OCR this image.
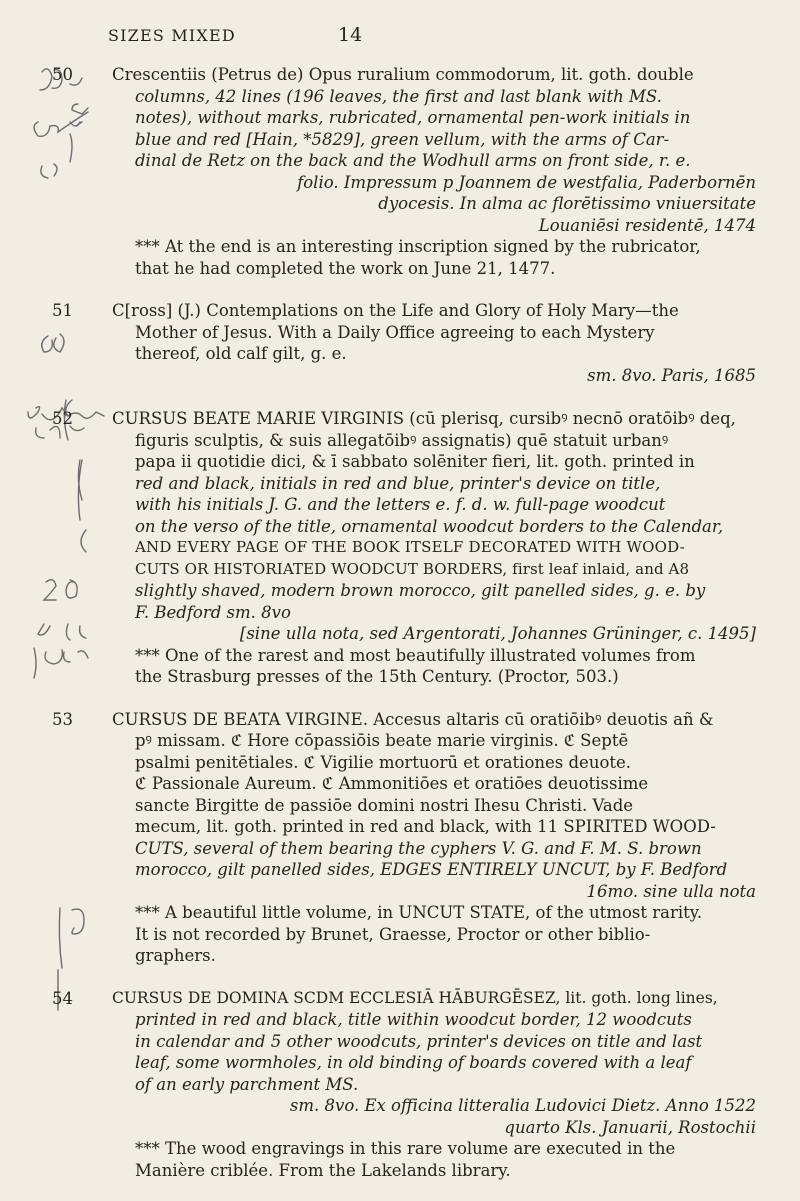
SIZES MIXED	14
50	Crescentiis (Petrus de) Opus ruralium commodorum, lit. goth. double
columns, 42 lines (196 leaves, the first and last blank with MS.
notes), without marks, rubricated, ornamental pen-work initials in
blue and red [Hain, *5829], green vellum, with the arms of Car-
dinal de Retz on the back and the Wodhull arms on front side, r. e.
folio. Impressum p Joannem de westfalia, Paderbornēn
dyocesis. In alma ac florētissimo vniuersitate
Louaniēsi residentē, 1474
*** At the end is an interesting inscription signed by the rubricator,
that he had completed the work on June 21, 1477.
51	C[ross] (J.) Contemplations on the Life and Glory of Holy Mary—the
Mother of Jesus. With a Daily Office agreeing to each Mystery
thereof, old calf gilt, g. e.
sm. 8vo. Paris, 1685
52	CURSUS BEATE MARIE VIRGINIS (cū plerisq, cursibꝰ necnō oratōibꝰ deq,
figuris sculptis, & suis allegatōibꝰ assignatis) quē statuit urbanꝰ
papa ii quotidie dici, & ī sabbato solēniter fieri, lit. goth. printed in
red and black, initials in red and blue, printer's device on title,
with his initials J. G. and the letters e. f. d. w. full-page woodcut
on the verso of the title, ornamental woodcut borders to the Calendar,
AND EVERY PAGE OF THE BOOK ITSELF DECORATED WITH WOOD-
CUTS OR HISTORIATED WOODCUT BORDERS, first leaf inlaid, and A8
slightly shaved, modern brown morocco, gilt panelled sides, g. e. by
F. Bedford sm. 8vo
[sine ulla nota, sed Argentorati, Johannes Grüninger, c. 1495]
*** One of the rarest and most beautifully illustrated volumes from
the Strasburg presses of the 15th Century. (Proctor, 503.)
53	CURSUS DE BEATA VIRGINE. Accesus altaris cū oratiōibꝰ deuotis añ &
pꝰ missam. ℭ Hore cōpassiōis beate marie virginis. ℭ Septē
psalmi penitētiales. ℭ Vigilie mortuorū et orationes deuote.
ℭ Passionale Aureum. ℭ Ammonitiōes et oratiōes deuotissime
sancte Birgitte de passiōe domini nostri Ihesu Christi. Vade
mecum, lit. goth. printed in red and black, with 11 SPIRITED WOOD-
CUTS, several of them bearing the cyphers V. G. and F. M. S. brown
morocco, gilt panelled sides, EDGES ENTIRELY UNCUT, by F. Bedford
16mo. sine ulla nota
*** A beautiful little volume, in UNCUT STATE, of the utmost rarity.
It is not recorded by Brunet, Graesse, Proctor or other biblio-
graphers.
54	CURSUS DE DOMINA SCDM ECCLESIĀ HĀBURGĒSEZ, lit. goth. long lines,
printed in red and black, title within woodcut border, 12 woodcuts
in calendar and 5 other woodcuts, printer's devices on title and last
leaf, some wormholes, in old binding of boards covered with a leaf
of an early parchment MS.
sm. 8vo. Ex officina litteralia Ludovici Dietz. Anno 1522
quarto Kls. Januarii, Rostochii
*** The wood engravings in this rare volume are executed in the
Manière criblée. From the Lakelands library.
